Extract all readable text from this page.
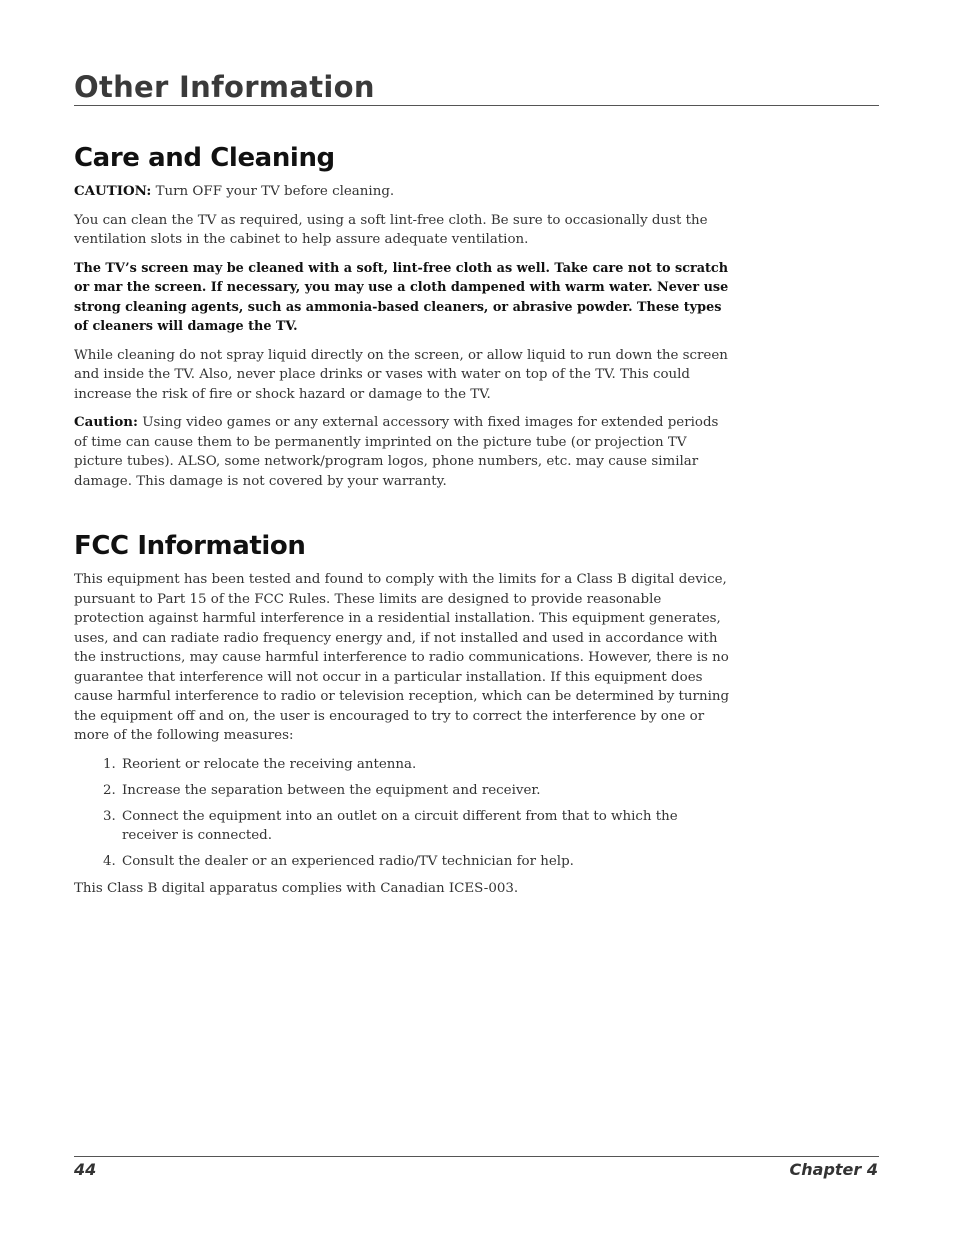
Other Information
Care and Cleaning

CAUTION: Turn OFF your TV before cleaning.

You can clean the TV as required, using a soft lint-free cloth. Be sure to occasionally dust the ventilation slots in the cabinet to help assure adequate ventilation.

The TV’s screen may be cleaned with a soft, lint-free cloth as well. Take care not to scratch or mar the screen. If necessary, you may use a cloth dampened with warm water. Never use strong cleaning agents, such as ammonia-based cleaners, or abrasive powder. These types of cleaners will damage the TV.

While cleaning do not spray liquid directly on the screen, or allow liquid to run down the screen and inside the TV. Also, never place drinks or vases with water on top of the TV. This could increase the risk of fire or shock hazard or damage to the TV.

Caution: Using video games or any external accessory with fixed images for extended periods of time can cause them to be permanently imprinted on the picture tube (or projection TV picture tubes). ALSO, some network/program logos, phone numbers, etc. may cause similar damage. This damage is not covered by your warranty.

FCC Information

This equipment has been tested and found to comply with the limits for a Class B digital device, pursuant to Part 15 of the FCC Rules. These limits are designed to provide reasonable protection against harmful interference in a residential installation. This equipment generates, uses, and can radiate radio frequency energy and, if not installed and used in accordance with the instructions, may cause harmful interference to radio communications. However, there is no guarantee that interference will not occur in a particular installation. If this equipment does cause harmful interference to radio or television reception, which can be determined by turning the equipment off and on, the user is encouraged to try to correct the interference by one or more of the following measures:

1. Reorient or relocate the receiving antenna.
2. Increase the separation between the equipment and receiver.
3. Connect the equipment into an outlet on a circuit different from that to which the receiver is connected.
4. Consult the dealer or an experienced radio/TV technician for help.

This Class B digital apparatus complies with Canadian ICES-003.

44	Chapter 4
